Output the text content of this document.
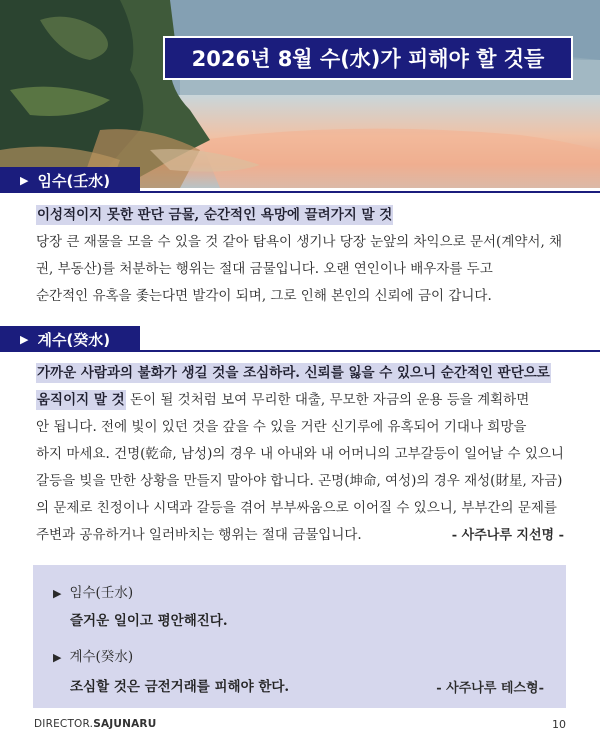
2026년 8월 수(水)가 피해야 할 것들
▶ 임수(壬水)
이성적이지 못한 판단 금물, 순간적인 욕망에 끌려가지 말 것
당장 큰 재물을 모을 수 있을 것 같아 탐욕이 생기나 당장 눈앞의 차익으로 문서(계약서, 채
권, 부동산)를 처분하는 행위는 절대 금물입니다. 오랜 연인이나 배우자를 두고
순간적인 유혹을 좇는다면 발각이 되며, 그로 인해 본인의 신뢰에 금이 갑니다.
▶ 계수(癸水)
가까운 사람과의 불화가 생길 것을 조심하라. 신뢰를 잃을 수 있으니 순간적인 판단으로
움직이지 말 것 돈이 될 것처럼 보여 무리한 대출, 무모한 자금의 운용 등을 계획하면
안 됩니다. 전에 빛이 있던 것을 갚을 수 있을 거란 신기루에 유혹되어 기대나 희망을
하지 마세요. 건명(乾命, 남성)의 경우 내 아내와 내 어머니의 고부갈등이 일어날 수 있으니
갈등을 빚을 만한 상황을 만들지 말아야 합니다. 곤명(坤命, 여성)의 경우 재성(財星, 자금)
의 문제로 친정이나 시댁과 갈등을 겪어 부부싸움으로 이어질 수 있으니, 부부간의 문제를
주변과 공유하거나 일러바치는 행위는 절대 금물입니다.	- 사주나루 지선명 -
▶ 임수(壬水)
즐거운 일이고 평안해진다.
▶ 계수(癸水)
조심할 것은 금전거래를 피해야 한다.	- 사주나루 테스형-
DIRECTOR.SAJUNARU	10
